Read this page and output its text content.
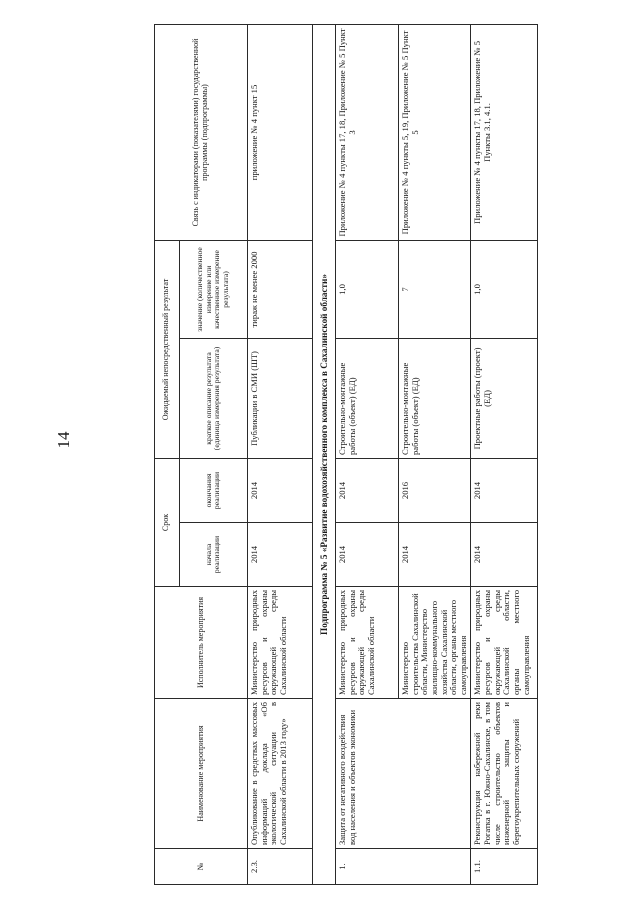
14
№	Наименование мероприятия	Исполнитель мероприятия	Срок		Ожидаемый непосредственный результат		Связь с индикаторами (показателями) государственной программы (подпрограммы)
			начала реализации	окончания реализации	краткое описание результата (единица измерения результата)	значение (количественное измерение или качественное измерение результата)	
2.3.	Опубликование в средствах массовых информаций доклада «Об экологической ситуации в Сахалинской области в 2013 году»	Министерство природных ресурсов и охраны окружающей среды Сахалинской области	2014	2014	Публикации в СМИ (ШТ)	тираж не менее 2000	приложение № 4 пункт 15
Подпрограмма № 5 «Развитие водохозяйственного комплекса в Сахалинской области»							
1.	Защита от негативного воздействия вод населения и объектов экономики	Министерство природных ресурсов и охраны окружающей среды Сахалинской области	2014	2014	Строительно-монтажные работы (объект) (ЕД)	1,0	Приложение № 4 пункты 17, 18, Приложение № 5 Пункт 3
		Министерство строительства Сахалинской области, Министерство жилищно-коммунального хозяйства Сахалинской области, органы местного самоуправления	2014	2016	Строительно-монтажные работы (объект) (ЕД)	7	Приложение № 4 пункты 5, 19, Приложение № 5 Пункт 5
1.1.	Реконструкция набережной реки Рогатка в г. Южно-Сахалинске, в том числе строительство объектов инженерной защиты и берегоукрепительных сооружений	Министерство природных ресурсов и охраны окружающей среды Сахалинской области, органы местного самоуправления	2014	2014	Проектные работы (проект) (ЕД)	1,0	Приложение № 4 пункты 17, 18, Приложение № 5 Пункты 3.1, 4.1.
